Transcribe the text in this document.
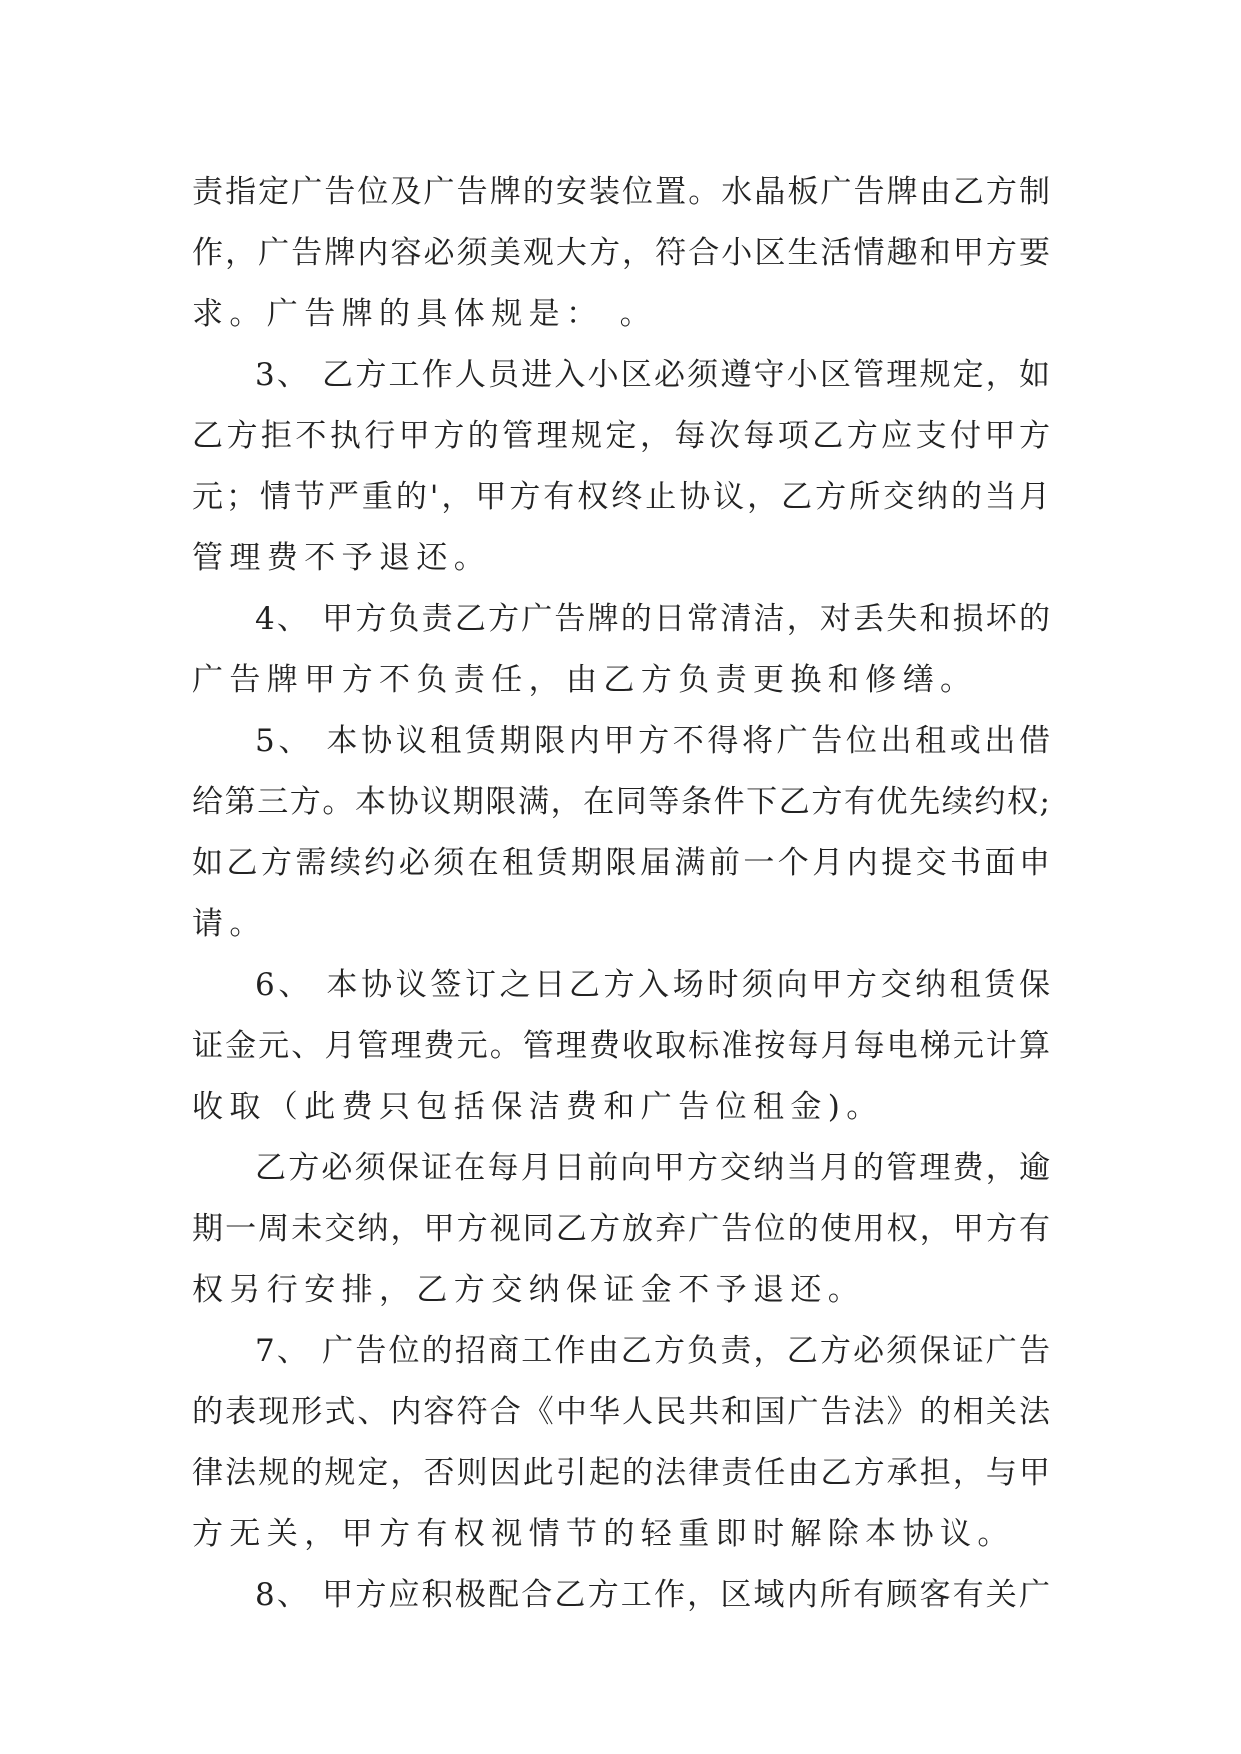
责指定广告位及广告牌的安装位置。水晶板广告牌由乙方制
作，广告牌内容必须美观大方，符合小区生活情趣和甲方要
求。广告牌的具体规是： 。
3、 乙方工作人员进入小区必须遵守小区管理规定，如
乙方拒不执行甲方的管理规定，每次每项乙方应支付甲方
元；情节严重的'，甲方有权终止协议，乙方所交纳的当月
管理费不予退还。
4、 甲方负责乙方广告牌的日常清洁，对丢失和损坏的
广告牌甲方不负责任，由乙方负责更换和修缮。
5、 本协议租赁期限内甲方不得将广告位出租或出借
给第三方。本协议期限满，在同等条件下乙方有优先续约权;
如乙方需续约必须在租赁期限届满前一个月内提交书面申
请。
6、 本协议签订之日乙方入场时须向甲方交纳租赁保
证金元、月管理费元。管理费收取标准按每月每电梯元计算
收取（此费只包括保洁费和广告位租金)。
乙方必须保证在每月日前向甲方交纳当月的管理费，逾
期一周未交纳，甲方视同乙方放弃广告位的使用权，甲方有
权另行安排，乙方交纳保证金不予退还。
7、 广告位的招商工作由乙方负责，乙方必须保证广告
的表现形式、内容符合《中华人民共和国广告法》的相关法
律法规的规定，否则因此引起的法律责任由乙方承担，与甲
方无关，甲方有权视情节的轻重即时解除本协议。
8、 甲方应积极配合乙方工作，区域内所有顾客有关广
